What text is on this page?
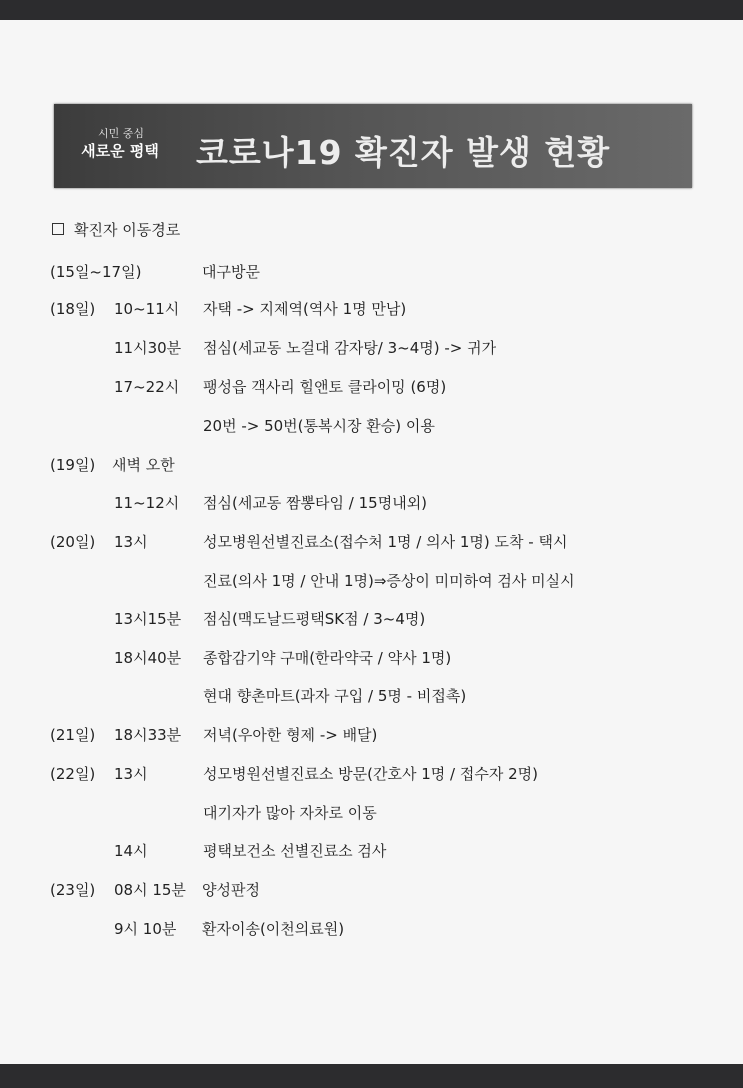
시민 중심
새로운 평택	코로나19 확진자 발생 현황
확진자 이동경로
(15일~17일)	대구방문
(18일) 10~11시 자택 -> 지제역(역사 1명 만남)
11시30분 점심(세교동 노걸대 감자탕/ 3~4명) -> 귀가
17~22시 팽성읍 객사리 힐앤토 클라이밍 (6명)
20번 -> 50번(통복시장 환승) 이용
(19일) 새벽 오한
11~12시 점심(세교동 짬뽕타임 / 15명내외)
(20일) 13시	성모병원선별진료소(접수처 1명 / 의사 1명) 도착 - 택시
진료(의사 1명 / 안내 1명)⇒증상이 미미하여 검사 미실시
13시15분 점심(맥도날드평택SK점 / 3~4명)
18시40분 종합감기약 구매(한라약국 / 약사 1명)
현대 향촌마트(과자 구입 / 5명 - 비접촉)
(21일) 18시33분 저녁(우아한 형제 -> 배달)
(22일) 13시	성모병원선별진료소 방문(간호사 1명 / 접수자 2명)
대기자가 많아 자차로 이동
14시	평택보건소 선별진료소 검사
(23일) 08시 15분 양성판정
9시 10분 환자이송(이천의료원)
